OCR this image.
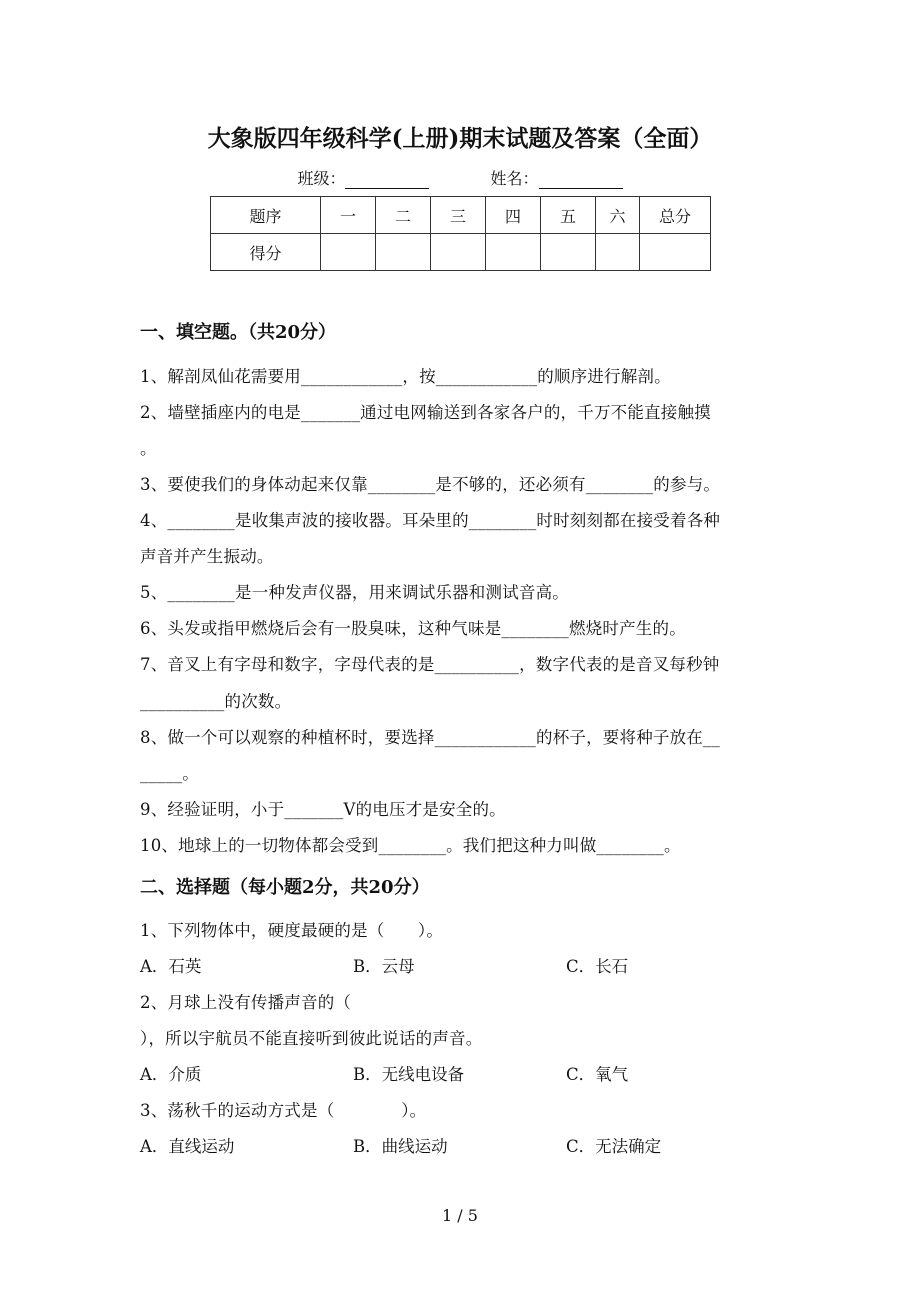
大象版四年级科学(上册)期末试题及答案（全面）
班级：	姓名：
题序	一	二	三	四	五	六	总分
得分							
一、填空题。（共20分）
1、解剖凤仙花需要用____________，按____________的顺序进行解剖。
2、墙壁插座内的电是_______通过电网输送到各家各户的，千万不能直接触摸
。
3、要使我们的身体动起来仅靠________是不够的，还必须有________的参与。
4、________是收集声波的接收器。耳朵里的________时时刻刻都在接受着各种
声音并产生振动。
5、________是一种发声仪器，用来调试乐器和测试音高。
6、头发或指甲燃烧后会有一股臭味，这种气味是________燃烧时产生的。
7、音叉上有字母和数字，字母代表的是__________，数字代表的是音叉每秒钟
__________的次数。
8、做一个可以观察的种植杯时，要选择____________的杯子，要将种子放在__
_____。
9、经验证明，小于_______V的电压才是安全的。
10、地球上的一切物体都会受到________。我们把这种力叫做________。
二、选择题（每小题2分，共20分）
1、下列物体中，硬度最硬的是（　　）。
A．石英	B．云母	C．长石
2、月球上没有传播声音的（
），所以宇航员不能直接听到彼此说话的声音。
A．介质	B．无线电设备	C．氧气
3、荡秋千的运动方式是（　　　　）。
A．直线运动	B．曲线运动	C．无法确定
1 / 5
